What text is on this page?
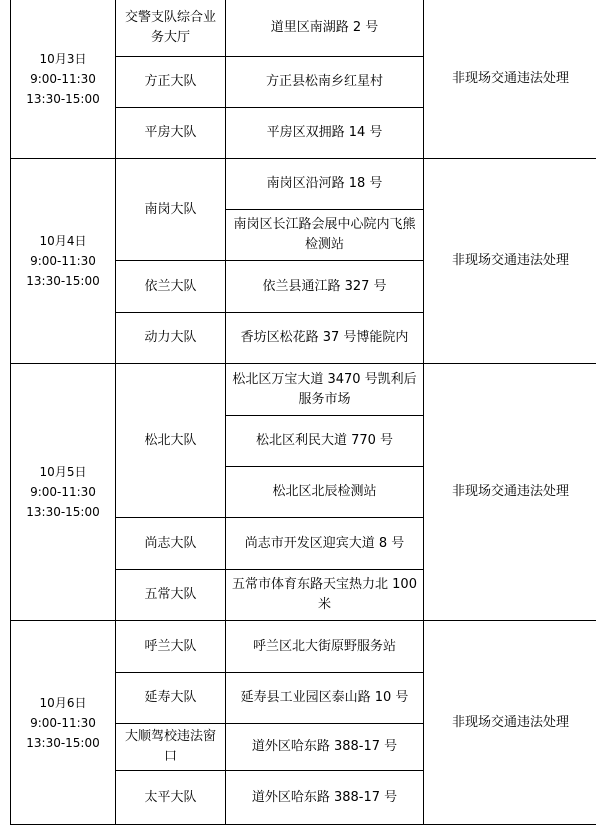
10月3日
9:00-11:30
13:30-15:00	交警支队综合业务大厅	道里区南湖路 2 号	非现场交通违法处理
	方正大队	方正县松南乡红星村	
	平房大队	平房区双拥路 14 号	

10月4日
9:00-11:30
13:30-15:00	南岗大队	南岗区沿河路 18 号	非现场交通违法处理
		南岗区长江路会展中心院内飞熊检测站	
	依兰大队	依兰县通江路 327 号	
	动力大队	香坊区松花路 37 号博能院内	

10月5日
9:00-11:30
13:30-15:00	松北大队	松北区万宝大道 3470 号凯利后服务市场	非现场交通违法处理
		松北区利民大道 770 号	
		松北区北辰检测站	
	尚志大队	尚志市开发区迎宾大道 8 号	
	五常大队	五常市体育东路天宝热力北 100 米	

10月6日
9:00-11:30
13:30-15:00	呼兰大队	呼兰区北大街原野服务站	非现场交通违法处理
	延寿大队	延寿县工业园区泰山路 10 号	
	大顺驾校违法窗口	道外区哈东路 388-17 号	
	太平大队	道外区哈东路 388-17 号	
